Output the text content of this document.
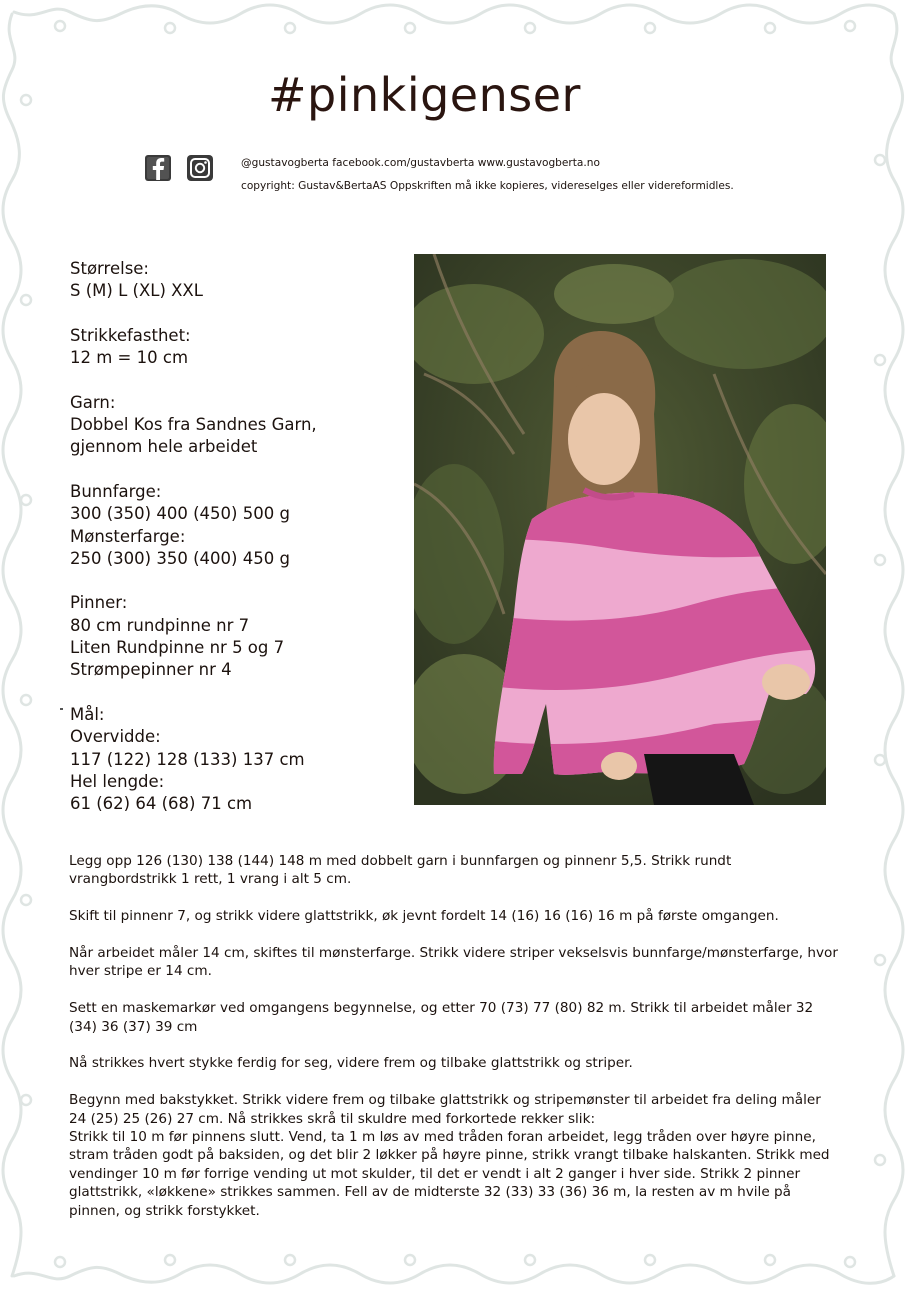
#pinkigenser
@gustavogberta facebook.com/gustavberta www.gustavogberta.no
copyright: Gustav&BertaAS Oppskriften må ikke kopieres, videreselges eller videreformidles.

Størrelse:

S (M) L (XL) XXL

Strikkefasthet:

12 m = 10 cm

Garn:

Dobbel Kos fra Sandnes Garn,

gjennom hele arbeidet

Bunnfarge:

300 (350) 400 (450) 500 g

Mønsterfarge:

250 (300) 350 (400) 450 g

Pinner:

80 cm rundpinne nr 7

Liten Rundpinne nr 5 og 7

Strømpepinner nr 4

Mål:

Overvidde:

117 (122) 128 (133) 137 cm

Hel lengde:

61 (62) 64 (68) 71 cm

Legg opp 126 (130) 138 (144) 148 m med dobbelt garn i bunnfargen og pinnenr 5,5. Strikk rundt vrangbordstrikk 1 rett, 1 vrang i alt 5 cm.

Skift til pinnenr 7, og strikk videre glattstrikk, øk jevnt fordelt 14 (16) 16 (16) 16 m på første omgangen.

Når arbeidet måler 14 cm, skiftes til mønsterfarge. Strikk videre striper vekselsvis bunnfarge/mønsterfarge, hvor hver stripe er 14 cm.

Sett en maskemarkør ved omgangens begynnelse, og etter 70 (73) 77 (80) 82 m. Strikk til arbeidet måler 32 (34) 36 (37) 39 cm

Nå strikkes hvert stykke ferdig for seg, videre frem og tilbake glattstrikk og striper.

Begynn med bakstykket. Strikk videre frem og tilbake glattstrikk og stripemønster til arbeidet fra deling måler 24 (25) 25 (26) 27 cm. Nå strikkes skrå til skuldre med forkortede rekker slik:

Strikk til 10 m før pinnens slutt. Vend, ta 1 m løs av med tråden foran arbeidet, legg tråden over høyre pinne, stram tråden godt på baksiden, og det blir 2 løkker på høyre pinne, strikk vrangt tilbake halskanten. Strikk med vendinger 10 m før forrige vending ut mot skulder, til det er vendt i alt 2 ganger i hver side. Strikk 2 pinner glattstrikk, «løkkene» strikkes sammen. Fell av de midterste 32 (33) 33 (36) 36 m, la resten av m hvile på pinnen, og strikk forstykket.
